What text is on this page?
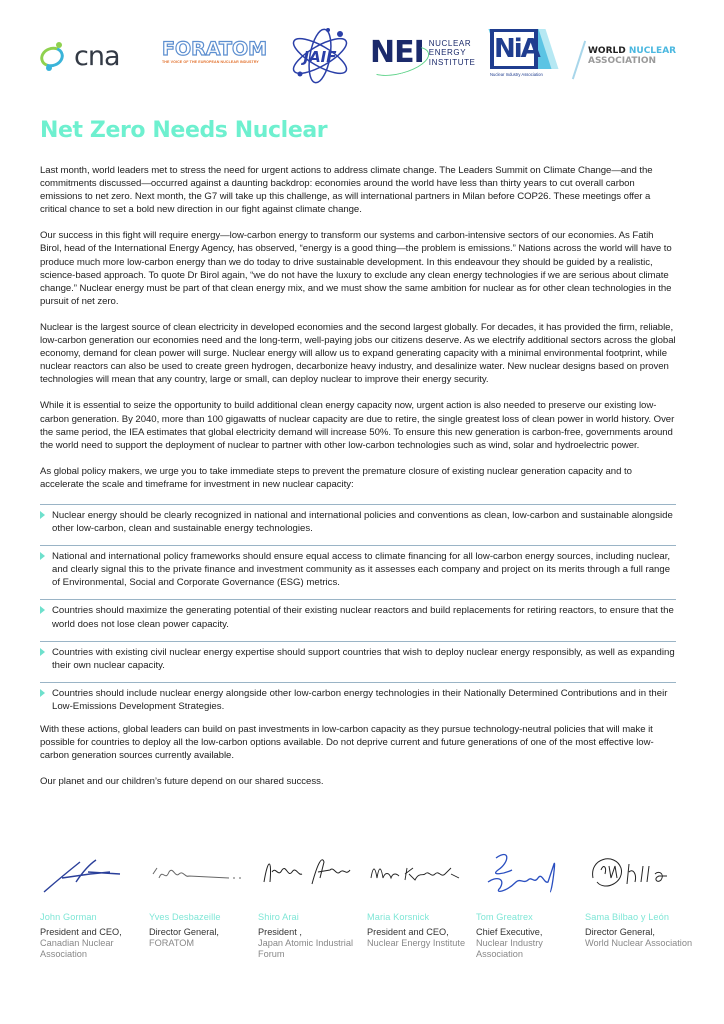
cna FORATOM
THE VOICE OF THE EUROPEAN NUCLEAR INDUSTRY	JAIF NEI NUCLEAR
ENERGY
INSTITUTE NiA
Nuclear Industry Association
WORLD NUCLEAR
ASSOCIATION
Net Zero Needs Nuclear

Last month, world leaders met to stress the need for urgent actions to address climate change. The Leaders Summit on Climate Change—and the commitments discussed—occurred against a daunting backdrop: economies around the world have less than thirty years to cut overall carbon emissions to net zero. Next month, the G7 will take up this challenge, as will international partners in Milan before COP26. These meetings offer a critical chance to set a bold new direction in our fight against climate change.

Our success in this fight will require energy—low-carbon energy to transform our systems and carbon-intensive sectors of our economies. As Fatih Birol, head of the International Energy Agency, has observed, “energy is a good thing—the problem is emissions.” Nations across the world will have to produce much more low-carbon energy than we do today to drive sustainable development. In this endeavour they should be guided by a realistic, science-based approach. To quote Dr Birol again, “we do not have the luxury to exclude any clean energy technologies if we are serious about climate change.” Nuclear energy must be part of that clean energy mix, and we must show the same ambition for nuclear as for other clean technologies in the pursuit of net zero.

Nuclear is the largest source of clean electricity in developed economies and the second largest globally. For decades, it has provided the firm, reliable, low-carbon generation our economies need and the long-term, well-paying jobs our citizens deserve. As we electrify additional sectors across the global economy, demand for clean power will surge. Nuclear energy will allow us to expand generating capacity with a minimal environmental footprint, while nuclear reactors can also be used to create green hydrogen, decarbonize heavy industry, and desalinize water. New nuclear designs based on proven technologies will mean that any country, large or small, can deploy nuclear to improve their energy security.

While it is essential to seize the opportunity to build additional clean energy capacity now, urgent action is also needed to preserve our existing low-carbon generation. By 2040, more than 100 gigawatts of nuclear capacity are due to retire, the single greatest loss of clean power in world history. Over the same period, the IEA estimates that global electricity demand will increase 50%. To ensure this new generation is carbon-free, governments around the world need to support the deployment of nuclear to partner with other low-carbon technologies such as wind, solar and hydroelectric power.

As global policy makers, we urge you to take immediate steps to prevent the premature closure of existing nuclear generation capacity and to accelerate the scale and timeframe for investment in new nuclear capacity:

Nuclear energy should be clearly recognized in national and international policies and conventions as clean, low-carbon and sustainable alongside other low-carbon, clean and sustainable energy technologies.
National and international policy frameworks should ensure equal access to climate financing for all low-carbon energy sources, including nuclear, and clearly signal this to the private finance and investment community as it assesses each company and project on its merits through a full range of Environmental, Social and Corporate Governance (ESG) metrics.
Countries should maximize the generating potential of their existing nuclear reactors and build replacements for retiring reactors, to ensure that the world does not lose clean power capacity.
Countries with existing civil nuclear energy expertise should support countries that wish to deploy nuclear energy responsibly, as well as expanding their own nuclear capacity.
Countries should include nuclear energy alongside other low-carbon energy technologies in their Nationally Determined Contributions and in their Low-Emissions Development Strategies.

With these actions, global leaders can build on past investments in low-carbon capacity as they pursue technology-neutral policies that will make it possible for countries to deploy all the low-carbon options available. Do not deprive current and future generations of one of the most effective low-carbon generation sources currently available.

Our planet and our children’s future depend on our shared success.

John Gorman
President and CEO,
Canadian Nuclear Association
Yves Desbazeille
Director General,
FORATOM
Shiro Arai
President ,
Japan Atomic Industrial Forum
Maria Korsnick
President and CEO,
Nuclear Energy Institute
Tom Greatrex
Chief Executive,
Nuclear Industry Association
Sama Bilbao y León
Director General,
World Nuclear Association
